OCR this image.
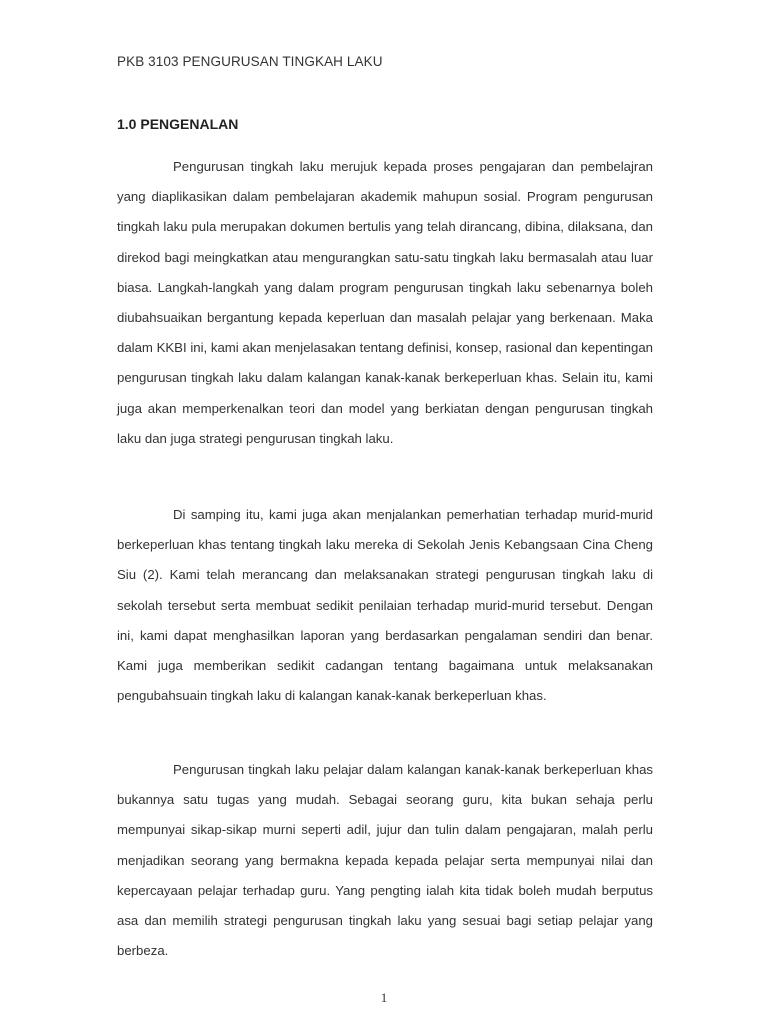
PKB 3103 PENGURUSAN TINGKAH LAKU
1.0 PENGENALAN

Pengurusan tingkah laku merujuk kepada proses pengajaran dan pembelajran yang diaplikasikan dalam pembelajaran akademik mahupun sosial. Program pengurusan tingkah laku pula merupakan dokumen bertulis yang telah dirancang, dibina, dilaksana, dan direkod bagi meingkatkan atau mengurangkan satu-satu tingkah laku bermasalah atau luar biasa. Langkah-langkah yang dalam program pengurusan tingkah laku sebenarnya boleh diubahsuaikan bergantung kepada keperluan dan masalah pelajar yang berkenaan. Maka dalam KKBI ini, kami akan menjelasakan tentang definisi, konsep, rasional dan kepentingan pengurusan tingkah laku dalam kalangan kanak-kanak berkeperluan khas. Selain itu, kami juga akan memperkenalkan teori dan model yang berkiatan dengan pengurusan tingkah laku dan juga strategi pengurusan tingkah laku.

Di samping itu, kami juga akan menjalankan pemerhatian terhadap murid-murid berkeperluan khas tentang tingkah laku mereka di Sekolah Jenis Kebangsaan Cina Cheng Siu (2). Kami telah merancang dan melaksanakan strategi pengurusan tingkah laku di sekolah tersebut serta membuat sedikit penilaian terhadap murid-murid tersebut. Dengan ini, kami dapat menghasilkan laporan yang berdasarkan pengalaman sendiri dan benar. Kami juga memberikan sedikit cadangan tentang bagaimana untuk melaksanakan pengubahsuain tingkah laku di kalangan kanak-kanak berkeperluan khas.

Pengurusan tingkah laku pelajar dalam kalangan kanak-kanak berkeperluan khas bukannya satu tugas yang mudah. Sebagai seorang guru, kita bukan sehaja perlu mempunyai sikap-sikap murni seperti adil, jujur dan tulin dalam pengajaran, malah perlu menjadikan seorang yang bermakna kepada kepada pelajar serta mempunyai nilai dan kepercayaan pelajar terhadap guru. Yang pengting ialah kita tidak boleh mudah berputus asa dan memilih strategi pengurusan tingkah laku yang sesuai bagi setiap pelajar yang berbeza.

1
